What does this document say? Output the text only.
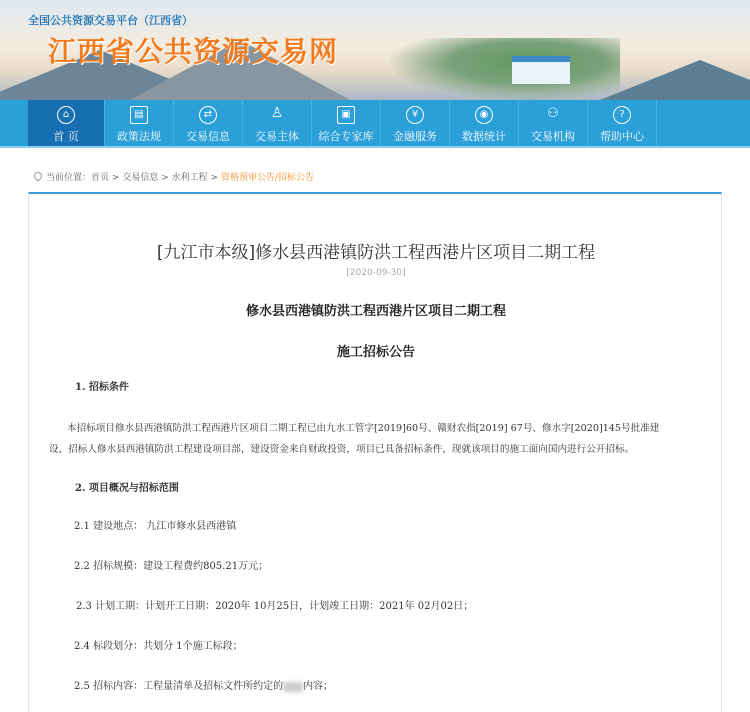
全国公共资源交易平台（江西省）
江西省公共资源交易网
⌂
首 页
▤
政策法规
⇄
交易信息
♙
交易主体
▣
综合专家库
¥
金融服务
◉
数据统计
⚇
交易机构
?
帮助中心
当前位置：首页 > 交易信息 > 水利工程 > 资格预审公告/招标公告
[九江市本级]修水县西港镇防洪工程西港片区项目二期工程
[2020-09-30]
修水县西港镇防洪工程西港片区项目二期工程
施工招标公告
1. 招标条件
本招标项目修水县西港镇防洪工程西港片区项目二期工程已由九水工管字[2019]60号、赣财农指[2019] 67号、修水字[2020]145号批准建
设，招标人修水县西港镇防洪工程建设项目部，建设资金来自财政投资，项目已具备招标条件，现就该项目的施工面向国内进行公开招标。
2. 项目概况与招标范围
2.1 建设地点： 九江市修水县西港镇
2.2 招标规模：建设工程费约805.21万元；
2.3 计划工期：计划开工日期：2020年 10月25日，计划竣工日期：2021年 02月02日；
2.4 标段划分：共划分 1个施工标段；
2.5 招标内容：工程量清单及招标文件所约定的 内容；
